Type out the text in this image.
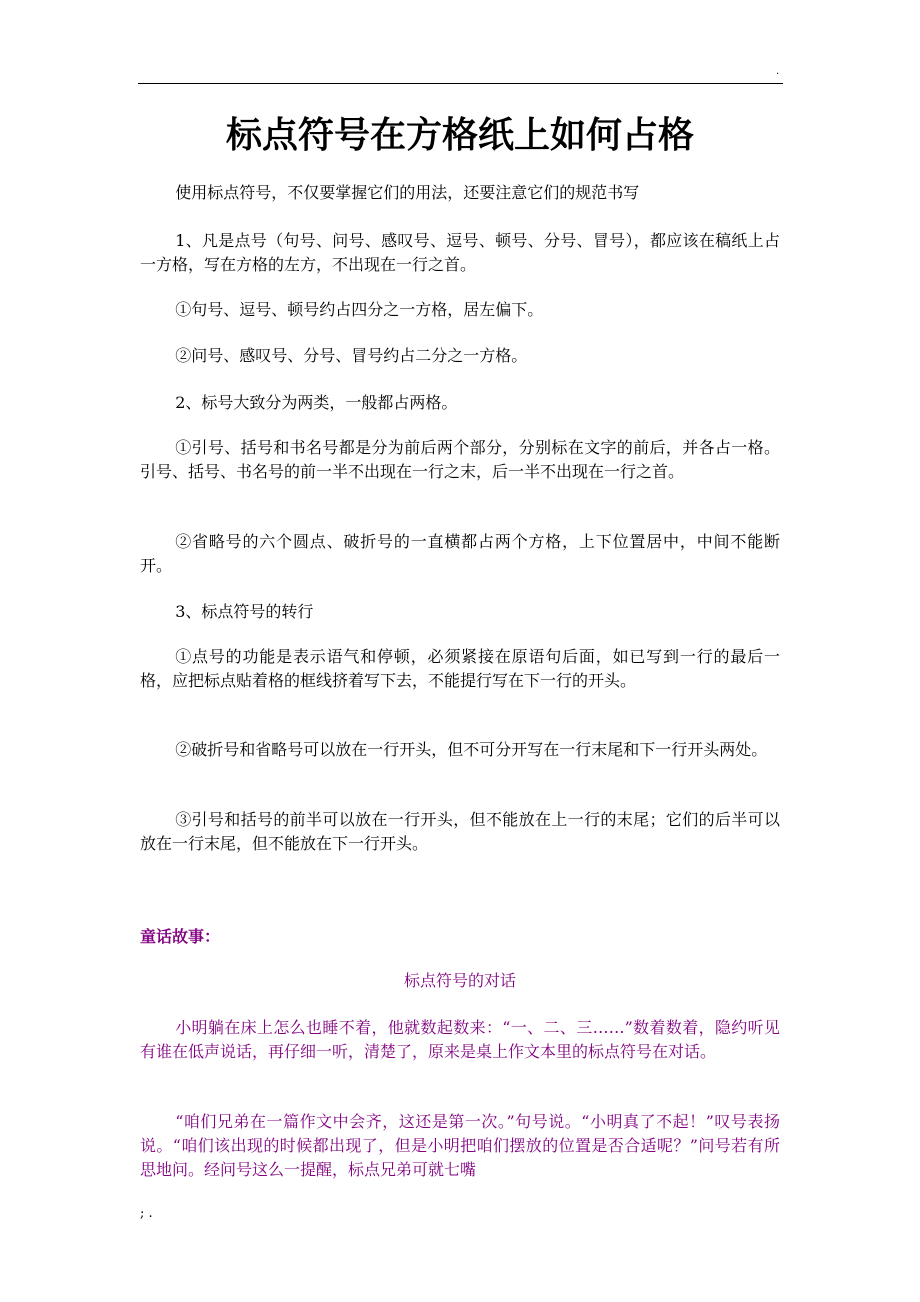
.
标点符号在方格纸上如何占格

使用标点符号，不仅要掌握它们的用法，还要注意它们的规范书写

1、凡是点号（句号、问号、感叹号、逗号、顿号、分号、冒号），都应该在稿纸上占一方格，写在方格的左方，不出现在一行之首。

①句号、逗号、顿号约占四分之一方格，居左偏下。

②问号、感叹号、分号、冒号约占二分之一方格。

2、标号大致分为两类，一般都占两格。

①引号、括号和书名号都是分为前后两个部分，分别标在文字的前后，并各占一格。引号、括号、书名号的前一半不出现在一行之末，后一半不出现在一行之首。

②省略号的六个圆点、破折号的一直横都占两个方格，上下位置居中，中间不能断开。

3、标点符号的转行

①点号的功能是表示语气和停顿，必须紧接在原语句后面，如已写到一行的最后一格，应把标点贴着格的框线挤着写下去，不能提行写在下一行的开头。

②破折号和省略号可以放在一行开头，但不可分开写在一行末尾和下一行开头两处。

③引号和括号的前半可以放在一行开头，但不能放在上一行的末尾；它们的后半可以放在一行末尾，但不能放在下一行开头。

童话故事：

标点符号的对话

小明躺在床上怎么也睡不着，他就数起数来：“一、二、三……”数着数着，隐约听见有谁在低声说话，再仔细一听，清楚了，原来是桌上作文本里的标点符号在对话。

“咱们兄弟在一篇作文中会齐，这还是第一次。”句号说。“小明真了不起！”叹号表扬说。“咱们该出现的时候都出现了，但是小明把咱们摆放的位置是否合适呢？”问号若有所思地问。经问号这么一提醒，标点兄弟可就七嘴

; .
